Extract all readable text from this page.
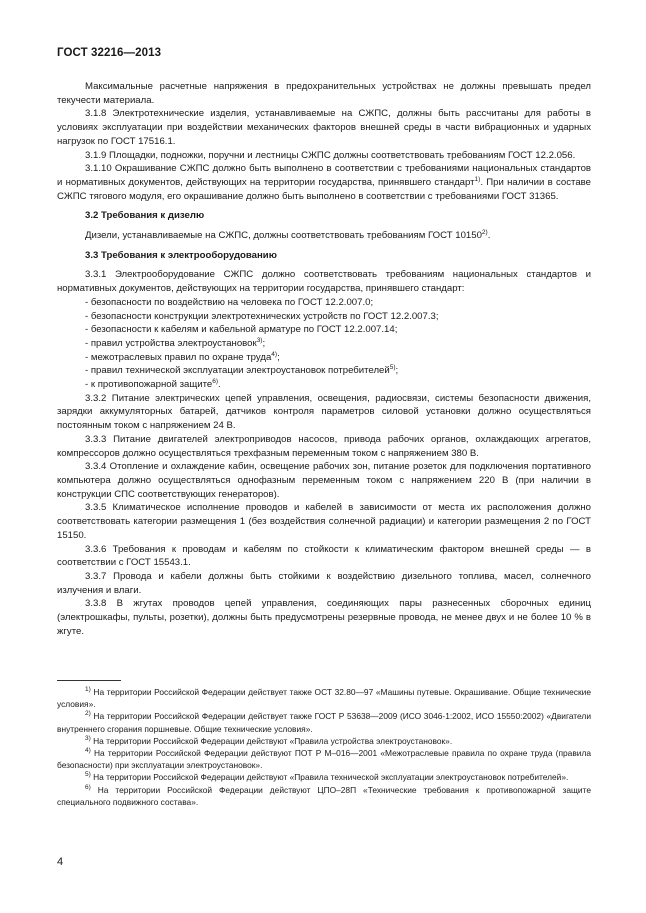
ГОСТ 32216—2013

Максимальные расчетные напряжения в предохранительных устройствах не должны превышать предел текучести материала.

3.1.8 Электротехнические изделия, устанавливаемые на СЖПС, должны быть рассчитаны для работы в условиях эксплуатации при воздействии механических факторов внешней среды в части вибрационных и ударных нагрузок по ГОСТ 17516.1.

3.1.9 Площадки, подножки, поручни и лестницы СЖПС должны соответствовать требованиям ГОСТ 12.2.056.

3.1.10 Окрашивание СЖПС должно быть выполнено в соответствии с требованиями национальных стандартов и нормативных документов, действующих на территории государства, принявшего стандарт$^{1)}$. При наличии в составе СЖПС тягового модуля, его окрашивание должно быть выполнено в соответствии с требованиями ГОСТ 31365.

3.2 Требования к дизелю

Дизели, устанавливаемые на СЖПС, должны соответствовать требованиям ГОСТ 10150$^{2)}$.

3.3 Требования к электрооборудованию

3.3.1 Электрооборудование СЖПС должно соответствовать требованиям национальных стандартов и нормативных документов, действующих на территории государства, принявшего стандарт:

- безопасности по воздействию на человека по ГОСТ 12.2.007.0;

- безопасности конструкции электротехнических устройств по ГОСТ 12.2.007.3;

- безопасности к кабелям и кабельной арматуре по ГОСТ 12.2.007.14;

- правил устройства электроустановок$^{3)}$;

- межотраслевых правил по охране труда$^{4)}$;

- правил технической эксплуатации электроустановок потребителей$^{5)}$;

- к противопожарной защите$^{6)}$.

3.3.2 Питание электрических цепей управления, освещения, радиосвязи, системы безопасности движения, зарядки аккумуляторных батарей, датчиков контроля параметров силовой установки должно осуществляться постоянным током с напряжением 24 В.

3.3.3 Питание двигателей электроприводов насосов, привода рабочих органов, охлаждающих агрегатов, компрессоров должно осуществляться трехфазным переменным током с напряжением 380 В.

3.3.4 Отопление и охлаждение кабин, освещение рабочих зон, питание розеток для подключения портативного компьютера должно осуществляться однофазным переменным током с напряжением 220 В (при наличии в конструкции СПС соответствующих генераторов).

3.3.5 Климатическое исполнение проводов и кабелей в зависимости от места их расположения должно соответствовать категории размещения 1 (без воздействия солнечной радиации) и категории размещения 2 по ГОСТ 15150.

3.3.6 Требования к проводам и кабелям по стойкости к климатическим фактором внешней среды — в соответствии с ГОСТ 15543.1.

3.3.7 Провода и кабели должны быть стойкими к воздействию дизельного топлива, масел, солнечного излучения и влаги.

3.3.8 В жгутах проводов цепей управления, соединяющих пары разнесенных сборочных единиц (электрошкафы, пульты, розетки), должны быть предусмотрены резервные провода, не менее двух и не более 10 % в жгуте.

$^{1)}$ На территории Российской Федерации действует также ОСТ 32.80—97 «Машины путевые. Окрашивание. Общие технические условия».

$^{2)}$ На территории Российской Федерации действует также ГОСТ Р 53638—2009 (ИСО 3046-1:2002, ИСО 15550:2002) «Двигатели внутреннего сгорания поршневые. Общие технические условия».

$^{3)}$ На территории Российской Федерации действуют «Правила устройства электроустановок».

$^{4)}$ На территории Российской Федерации действуют ПОТ Р М–016—2001 «Межотраслевые правила по охране труда (правила безопасности) при эксплуатации электроустановок».

$^{5)}$ На территории Российской Федерации действуют «Правила технической эксплуатации электроустановок потребителей».

$^{6)}$ На территории Российской Федерации действуют ЦПО–28П «Технические требования к противопожарной защите специального подвижного состава».

4
